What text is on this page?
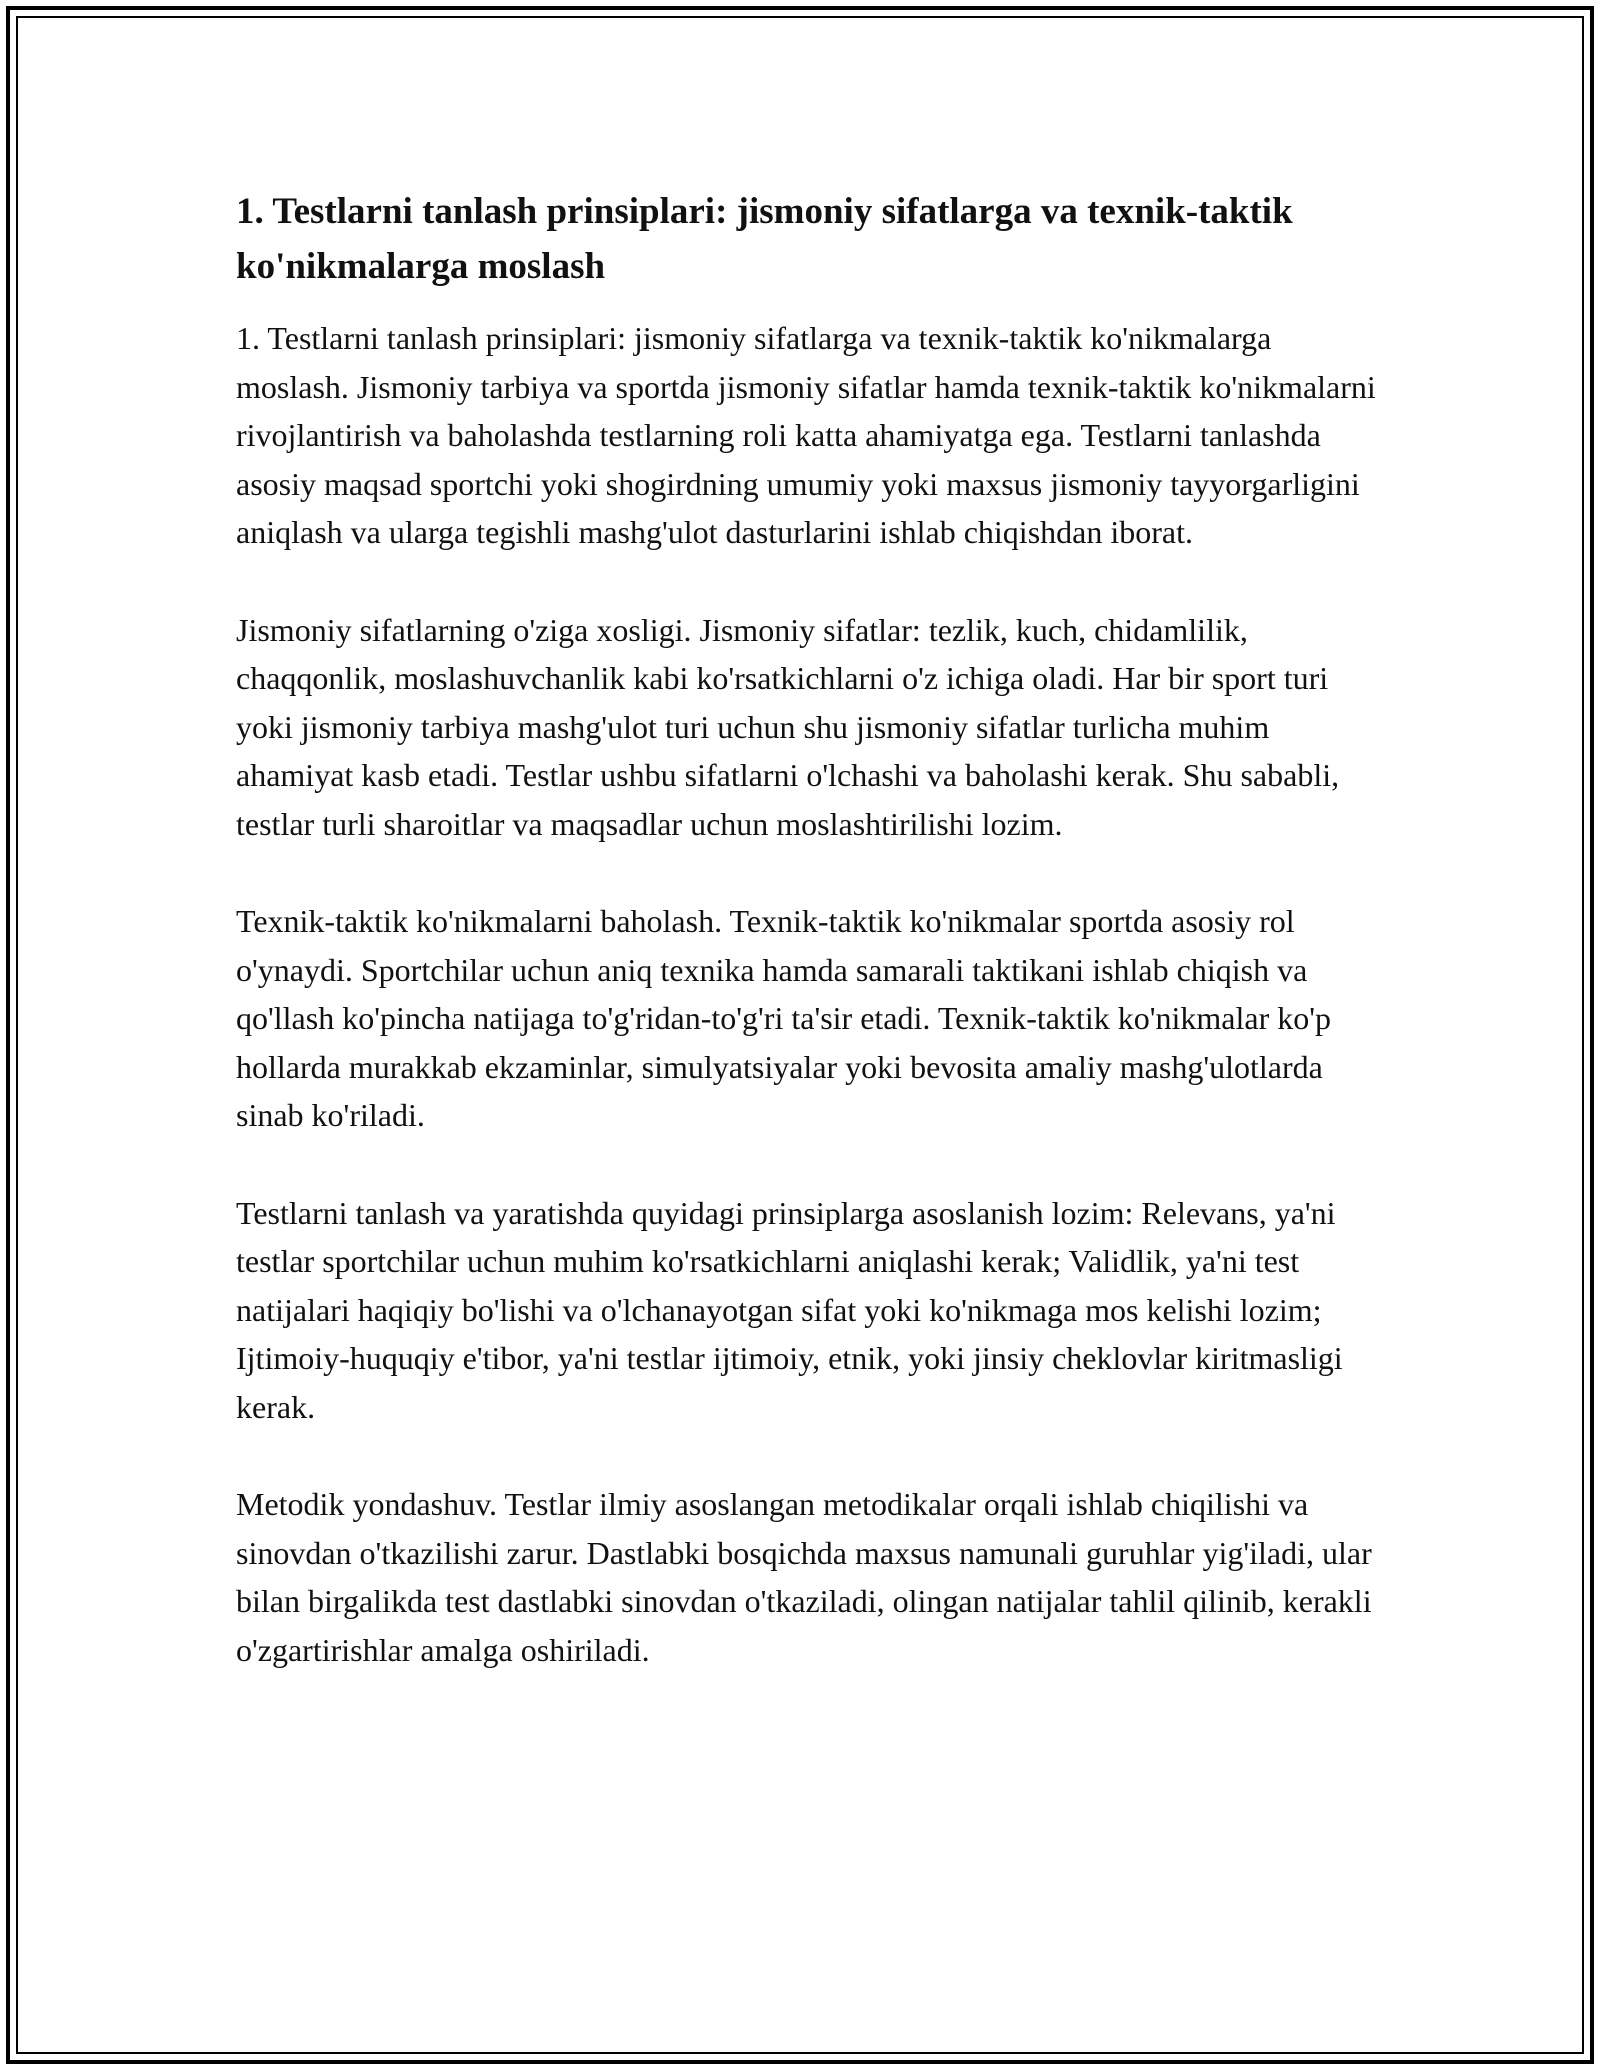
1. Testlarni tanlash prinsiplari: jismoniy sifatlarga va texnik-taktik ko'nikmalarga moslash

1. Testlarni tanlash prinsiplari: jismoniy sifatlarga va texnik-taktik ko'nikmalarga moslash. Jismoniy tarbiya va sportda jismoniy sifatlar hamda texnik-taktik ko'nikmalarni rivojlantirish va baholashda testlarning roli katta ahamiyatga ega. Testlarni tanlashda asosiy maqsad sportchi yoki shogirdning umumiy yoki maxsus jismoniy tayyorgarligini aniqlash va ularga tegishli mashg'ulot dasturlarini ishlab chiqishdan iborat.

Jismoniy sifatlarning o'ziga xosligi. Jismoniy sifatlar: tezlik, kuch, chidamlilik, chaqqonlik, moslashuvchanlik kabi ko'rsatkichlarni o'z ichiga oladi. Har bir sport turi yoki jismoniy tarbiya mashg'ulot turi uchun shu jismoniy sifatlar turlicha muhim ahamiyat kasb etadi. Testlar ushbu sifatlarni o'lchashi va baholashi kerak. Shu sababli, testlar turli sharoitlar va maqsadlar uchun moslashtirilishi lozim.

Texnik-taktik ko'nikmalarni baholash. Texnik-taktik ko'nikmalar sportda asosiy rol o'ynaydi. Sportchilar uchun aniq texnika hamda samarali taktikani ishlab chiqish va qo'llash ko'pincha natijaga to'g'ridan-to'g'ri ta'sir etadi. Texnik-taktik ko'nikmalar ko'p hollarda murakkab ekzaminlar, simulyatsiyalar yoki bevosita amaliy mashg'ulotlarda sinab ko'riladi.

Testlarni tanlash va yaratishda quyidagi prinsiplarga asoslanish lozim: Relevans, ya'ni testlar sportchilar uchun muhim ko'rsatkichlarni aniqlashi kerak; Validlik, ya'ni test natijalari haqiqiy bo'lishi va o'lchanayotgan sifat yoki ko'nikmaga mos kelishi lozim; Ijtimoiy-huquqiy e'tibor, ya'ni testlar ijtimoiy, etnik, yoki jinsiy cheklovlar kiritmasligi kerak.

Metodik yondashuv. Testlar ilmiy asoslangan metodikalar orqali ishlab chiqilishi va sinovdan o'tkazilishi zarur. Dastlabki bosqichda maxsus namunali guruhlar yig'iladi, ular bilan birgalikda test dastlabki sinovdan o'tkaziladi, olingan natijalar tahlil qilinib, kerakli o'zgartirishlar amalga oshiriladi.
